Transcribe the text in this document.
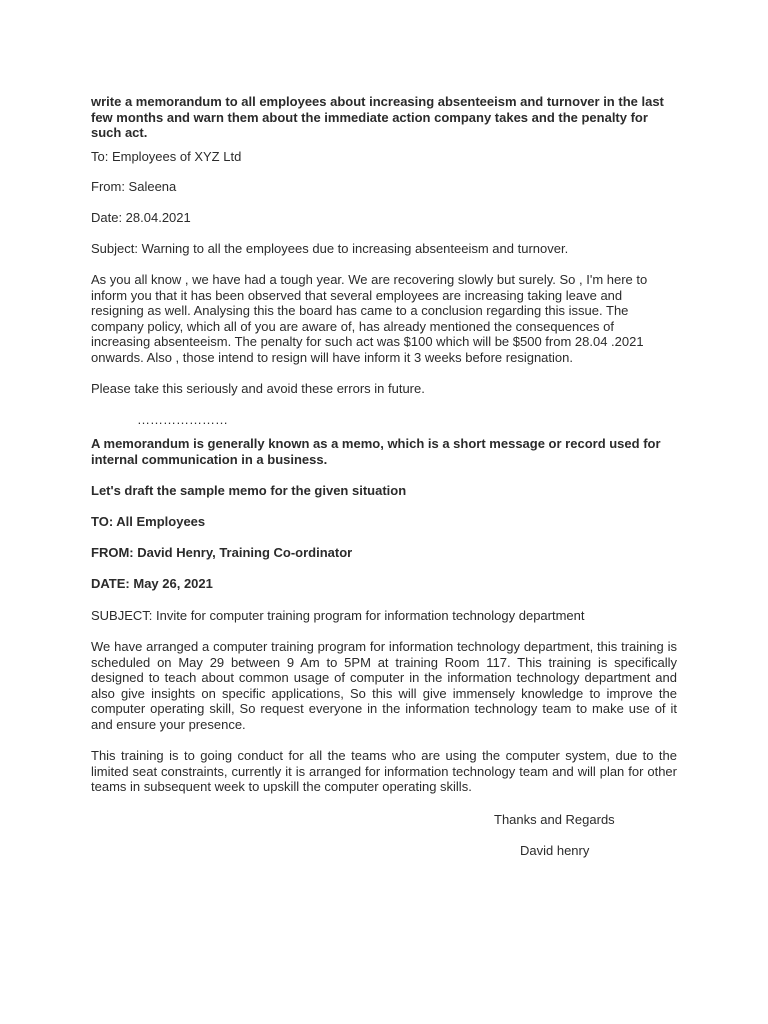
write a memorandum to all employees about increasing absenteeism and turnover in the last few months and warn them about the immediate action company takes and the penalty for such act.

To: Employees of XYZ Ltd

From: Saleena

Date: 28.04.2021

Subject: Warning to all the employees due to increasing absenteeism and turnover.

As you all know , we have had a tough year. We are recovering slowly but surely. So , I'm here to inform you that it has been observed that several employees are increasing taking leave and resigning as well. Analysing this the board has came to a conclusion regarding this issue. The company policy, which all of you are aware of, has already mentioned the consequences of increasing absenteeism. The penalty for such act was $100 which will be $500 from 28.04 .2021 onwards. Also , those intend to resign will have inform it 3 weeks before resignation.

Please take this seriously and avoid these errors in future.

…………………

A memorandum is generally known as a memo, which is a short message or record used for internal communication in a business.

Let's draft the sample memo for the given situation

TO: All Employees

FROM: David Henry, Training Co-ordinator

DATE: May 26, 2021

SUBJECT: Invite for computer training program for information technology department

We have arranged a computer training program for information technology department, this training is scheduled on May 29 between 9 Am to 5PM at training Room 117. This training is specifically designed to teach about common usage of computer in the information technology department and also give insights on specific applications, So this will give immensely knowledge to improve the computer operating skill, So request everyone in the information technology team to make use of it and ensure your presence.

This training is to going conduct for all the teams who are using the computer system, due to the limited seat constraints, currently it is arranged for information technology team and will plan for other teams in subsequent week to upskill the computer operating skills.

Thanks and Regards

David henry
